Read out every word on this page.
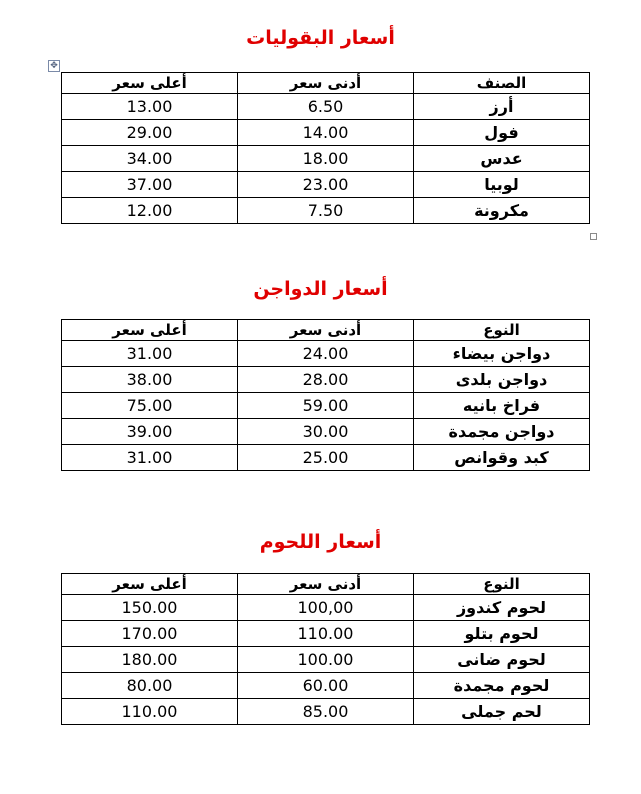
✥
أسعار البقوليات
أعلى سعر	أدنى سعر	الصنف
13.00	6.50	أرز
29.00	14.00	فول
34.00	18.00	عدس
37.00	23.00	لوبيا
12.00	7.50	مكرونة
أسعار الدواجن
أعلى سعر	أدنى سعر	النوع
31.00	24.00	دواجن بيضاء
38.00	28.00	دواجن بلدى
75.00	59.00	فراخ بانيه
39.00	30.00	دواجن مجمدة
31.00	25.00	كبد وقوانص
أسعار اللحوم
أعلى سعر	أدنى سعر	النوع
150.00	100,00	لحوم كندوز
170.00	110.00	لحوم بتلو
180.00	100.00	لحوم ضانى
80.00	60.00	لحوم مجمدة
110.00	85.00	لحم جملى
